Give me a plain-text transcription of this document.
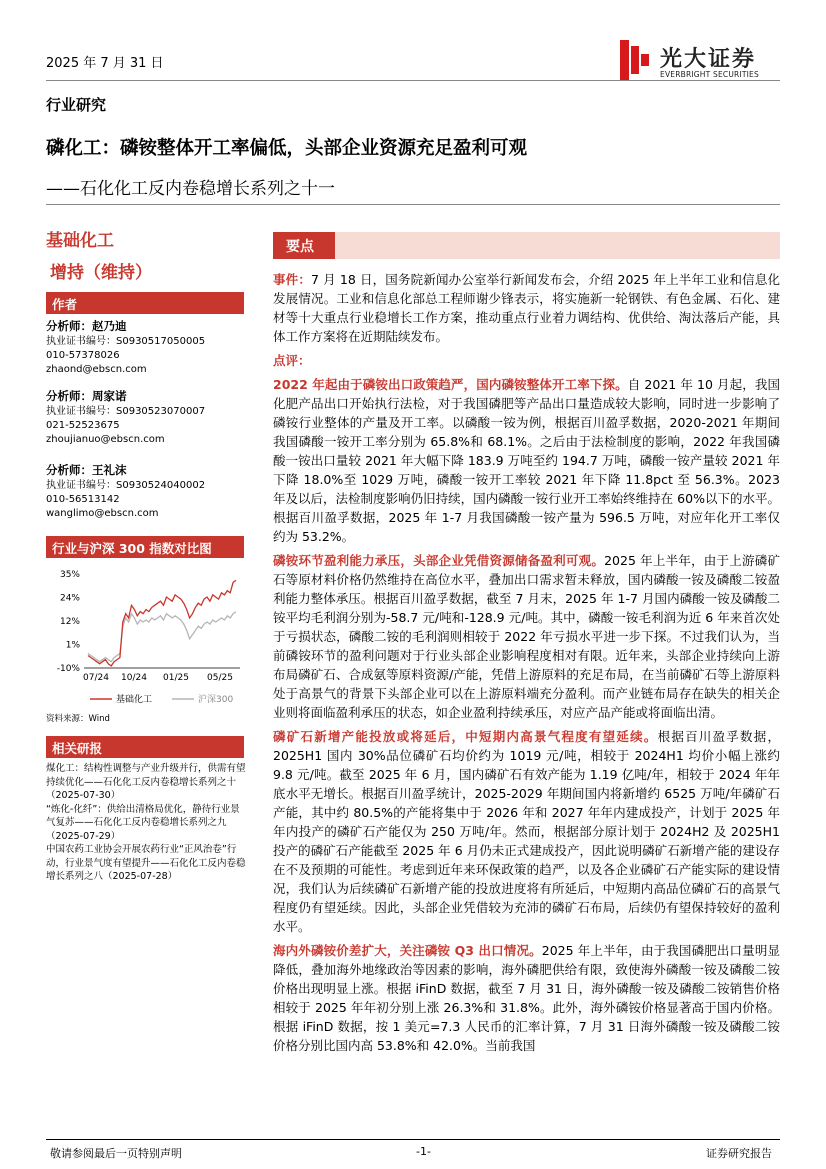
2025 年 7 月 31 日	光大证券
EVERBRIGHT SECURITIES
行业研究
磷化工：磷铵整体开工率偏低，头部企业资源充足盈利可观
——石化化工反内卷稳增长系列之十一
基础化工
增持（维持）
作者
分析师：赵乃迪
执业证书编号：S0930517050005
010-57378026
zhaond@ebscn.com
分析师：周家诺
执业证书编号：S0930523070007
021-52523675
zhoujianuo@ebscn.com
分析师：王礼沫
执业证书编号：S0930524040002
010-56513142
wanglimo@ebscn.com
行业与沪深 300 指数对比图
35%
24%
12%
1%
-10%
07/24 10/24 01/25 05/25
基础化工	沪深300
资料来源：Wind
相关研报

煤化工：结构性调整与产业升级并行，供需有望持续优化——石化化工反内卷稳增长系列之十（2025-07-30）

“炼化-化纤”：供给出清格局优化，静待行业景气复苏——石化化工反内卷稳增长系列之九（2025-07-29）

中国农药工业协会开展农药行业“正风治卷”行动，行业景气度有望提升——石化化工反内卷稳增长系列之八（2025-07-28）

要点

事件：7 月 18 日，国务院新闻办公室举行新闻发布会，介绍 2025 年上半年工业和信息化发展情况。工业和信息化部总工程师谢少锋表示，将实施新一轮钢铁、有色金属、石化、建材等十大重点行业稳增长工作方案，推动重点行业着力调结构、优供给、淘汰落后产能，具体工作方案将在近期陆续发布。

点评：

2022 年起由于磷铵出口政策趋严，国内磷铵整体开工率下探。自 2021 年 10 月起，我国化肥产品出口开始执行法检，对于我国磷肥等产品出口量造成较大影响，同时进一步影响了磷铵行业整体的产量及开工率。以磷酸一铵为例，根据百川盈孚数据，2020-2021 年期间我国磷酸一铵开工率分别为 65.8%和 68.1%。之后由于法检制度的影响，2022 年我国磷酸一铵出口量较 2021 年大幅下降 183.9 万吨至约 194.7 万吨，磷酸一铵产量较 2021 年下降 18.0%至 1029 万吨，磷酸一铵开工率较 2021 年下降 11.8pct 至 56.3%。2023 年及以后，法检制度影响仍旧持续，国内磷酸一铵行业开工率始终维持在 60%以下的水平。根据百川盈孚数据，2025 年 1-7 月我国磷酸一铵产量为 596.5 万吨，对应年化开工率仅约为 53.2%。

磷铵环节盈利能力承压，头部企业凭借资源储备盈利可观。2025 年上半年，由于上游磷矿石等原材料价格仍然维持在高位水平，叠加出口需求暂未释放，国内磷酸一铵及磷酸二铵盈利能力整体承压。根据百川盈孚数据，截至 7 月末，2025 年 1-7 月国内磷酸一铵及磷酸二铵平均毛利润分别为-58.7 元/吨和-128.9 元/吨。其中，磷酸一铵毛利润为近 6 年来首次处于亏损状态，磷酸二铵的毛利润则相较于 2022 年亏损水平进一步下探。不过我们认为，当前磷铵环节的盈利问题对于行业头部企业影响程度相对有限。近年来，头部企业持续向上游布局磷矿石、合成氨等原料资源/产能，凭借上游原料的充足布局，在当前磷矿石等上游原料处于高景气的背景下头部企业可以在上游原料端充分盈利。而产业链布局存在缺失的相关企业则将面临盈利承压的状态，如企业盈利持续承压，对应产品产能或将面临出清。

磷矿石新增产能投放或将延后，中短期内高景气程度有望延续。根据百川盈孚数据，2025H1 国内 30%品位磷矿石均价约为 1019 元/吨，相较于 2024H1 均价小幅上涨约 9.8 元/吨。截至 2025 年 6 月，国内磷矿石有效产能为 1.19 亿吨/年，相较于 2024 年年底水平无增长。根据百川盈孚统计，2025-2029 年期间国内将新增约 6525 万吨/年磷矿石产能，其中约 80.5%的产能将集中于 2026 年和 2027 年年内建成投产，计划于 2025 年年内投产的磷矿石产能仅为 250 万吨/年。然而，根据部分原计划于 2024H2 及 2025H1 投产的磷矿石产能截至 2025 年 6 月仍未正式建成投产，因此说明磷矿石新增产能的建设存在不及预期的可能性。考虑到近年来环保政策的趋严，以及各企业磷矿石产能实际的建设情况，我们认为后续磷矿石新增产能的投放进度将有所延后，中短期内高品位磷矿石的高景气程度仍有望延续。因此，头部企业凭借较为充沛的磷矿石布局，后续仍有望保持较好的盈利水平。

海内外磷铵价差扩大，关注磷铵 Q3 出口情况。2025 年上半年，由于我国磷肥出口量明显降低，叠加海外地缘政治等因素的影响，海外磷肥供给有限，致使海外磷酸一铵及磷酸二铵价格出现明显上涨。根据 iFinD 数据，截至 7 月 31 日，海外磷酸一铵及磷酸二铵销售价格相较于 2025 年年初分别上涨 26.3%和 31.8%。此外，海外磷铵价格显著高于国内价格。根据 iFinD 数据，按 1 美元=7.3 人民币的汇率计算，7 月 31 日海外磷酸一铵及磷酸二铵价格分别比国内高 53.8%和 42.0%。当前我国

敬请参阅最后一页特别声明	-1-	证券研究报告
